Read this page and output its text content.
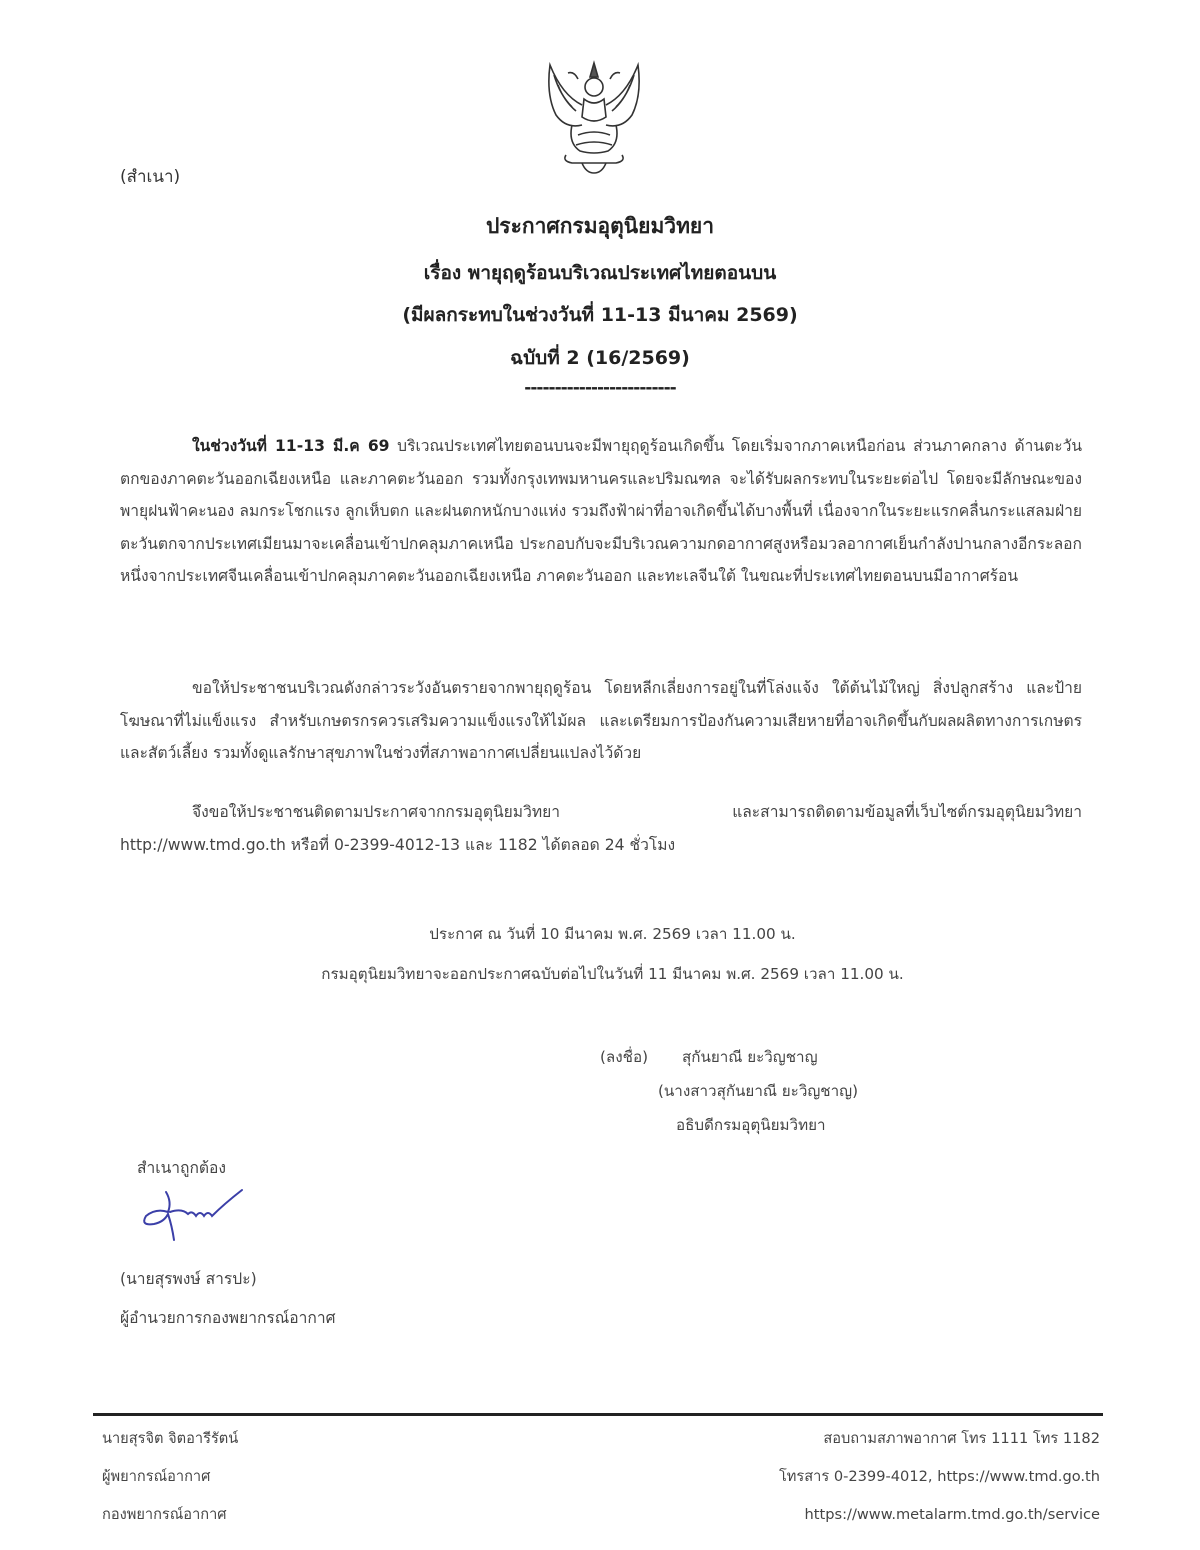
(สำเนา)
ประกาศกรมอุตุนิยมวิทยา
เรื่อง พายุฤดูร้อนบริเวณประเทศไทยตอนบน
(มีผลกระทบในช่วงวันที่ 11-13 มีนาคม 2569)
ฉบับที่ 2 (16/2569)
-------------------------
ในช่วงวันที่ 11-13 มี.ค 69 บริเวณประเทศไทยตอนบนจะมีพายุฤดูร้อนเกิดขึ้น โดยเริ่มจากภาคเหนือก่อน ส่วนภาคกลาง ด้านตะวันตกของภาคตะวันออกเฉียงเหนือ และภาคตะวันออก รวมทั้งกรุงเทพมหานครและปริมณฑล จะได้รับผลกระทบในระยะต่อไป โดยจะมีลักษณะของพายุฝนฟ้าคะนอง ลมกระโชกแรง ลูกเห็บตก และฝนตกหนักบางแห่ง รวมถึงฟ้าผ่าที่อาจเกิดขึ้นได้บางพื้นที่ เนื่องจากในระยะแรกคลื่นกระแสลมฝ่ายตะวันตกจากประเทศเมียนมาจะเคลื่อนเข้าปกคลุมภาคเหนือ ประกอบกับจะมีบริเวณความกดอากาศสูงหรือมวลอากาศเย็นกำลังปานกลางอีกระลอกหนึ่งจากประเทศจีนเคลื่อนเข้าปกคลุมภาคตะวันออกเฉียงเหนือ ภาคตะวันออก และทะเลจีนใต้ ในขณะที่ประเทศไทยตอนบนมีอากาศร้อน
ขอให้ประชาชนบริเวณดังกล่าวระวังอันตรายจากพายุฤดูร้อน โดยหลีกเลี่ยงการอยู่ในที่โล่งแจ้ง ใต้ต้นไม้ใหญ่ สิ่งปลูกสร้าง และป้ายโฆษณาที่ไม่แข็งแรง สำหรับเกษตรกรควรเสริมความแข็งแรงให้ไม้ผล และเตรียมการป้องกันความเสียหายที่อาจเกิดขึ้นกับผลผลิตทางการเกษตรและสัตว์เลี้ยง รวมทั้งดูแลรักษาสุขภาพในช่วงที่สภาพอากาศเปลี่ยนแปลงไว้ด้วย
จึงขอให้ประชาชนติดตามประกาศจากกรมอุตุนิยมวิทยา และสามารถติดตามข้อมูลที่เว็บไซต์กรมอุตุนิยมวิทยา http://www.tmd.go.th หรือที่ 0-2399-4012-13 และ 1182 ได้ตลอด 24 ชั่วโมง
ประกาศ ณ วันที่ 10 มีนาคม พ.ศ. 2569 เวลา 11.00 น.
กรมอุตุนิยมวิทยาจะออกประกาศฉบับต่อไปในวันที่ 11 มีนาคม พ.ศ. 2569 เวลา 11.00 น.
(ลงชื่อ) สุกันยาณี ยะวิญชาญ
(นางสาวสุกันยาณี ยะวิญชาญ)
อธิบดีกรมอุตุนิยมวิทยา
สำเนาถูกต้อง
(นายสุรพงษ์ สารปะ)
ผู้อำนวยการกองพยากรณ์อากาศ
นายสุรจิต จิตอารีรัตน์
ผู้พยากรณ์อากาศ
กองพยากรณ์อากาศ
สอบถามสภาพอากาศ โทร 1111 โทร 1182
โทรสาร 0-2399-4012, https://www.tmd.go.th
https://www.metalarm.tmd.go.th/service
